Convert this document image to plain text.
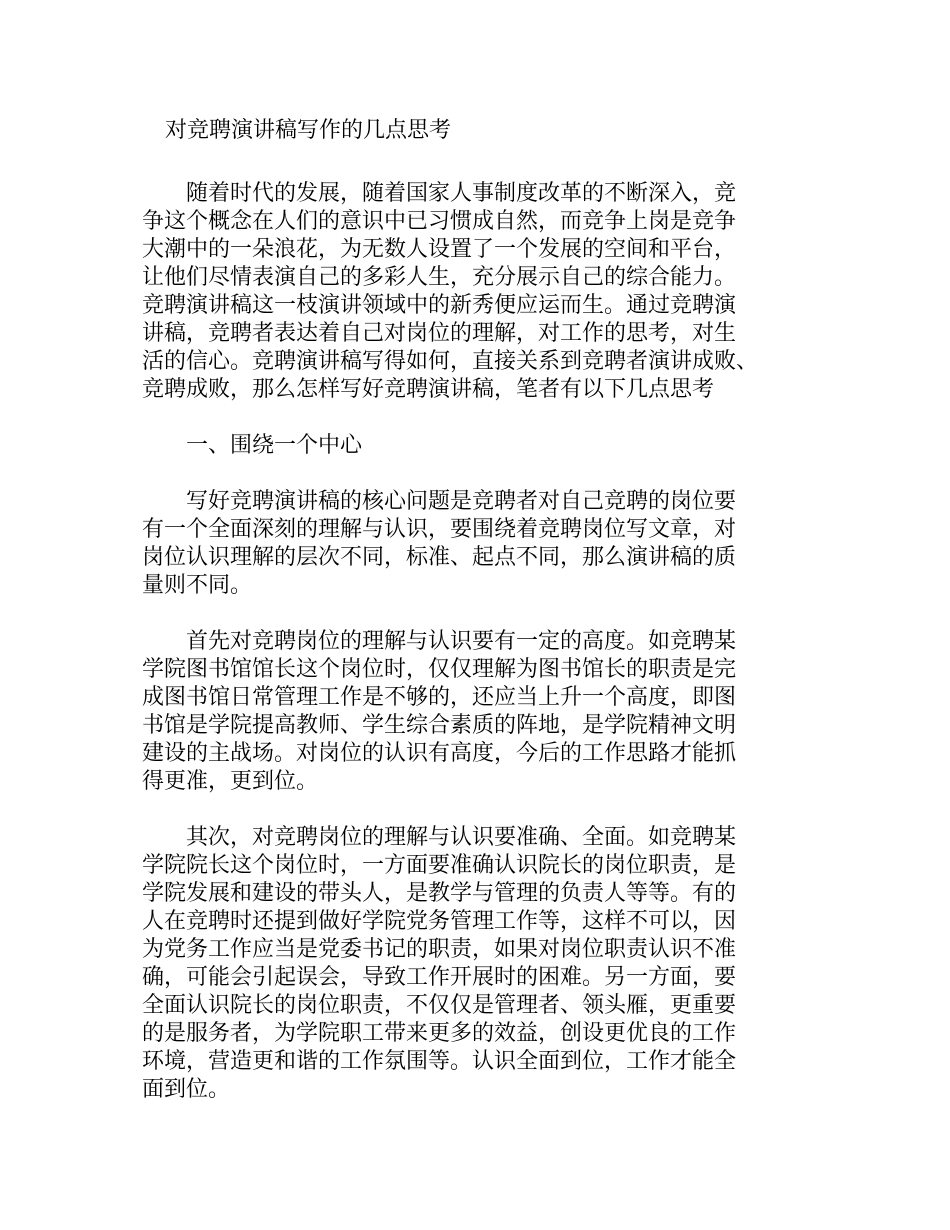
对竞聘演讲稿写作的几点思考

　　随着时代的发展，随着国家人事制度改革的不断深入，竞

争这个概念在人们的意识中已习惯成自然，而竞争上岗是竞争

大潮中的一朵浪花，为无数人设置了一个发展的空间和平台，

让他们尽情表演自己的多彩人生，充分展示自己的综合能力。

竞聘演讲稿这一枝演讲领域中的新秀便应运而生。通过竞聘演

讲稿，竞聘者表达着自己对岗位的理解，对工作的思考，对生

活的信心。竞聘演讲稿写得如何，直接关系到竞聘者演讲成败、

竞聘成败，那么怎样写好竞聘演讲稿，笔者有以下几点思考

　　一、围绕一个中心

　　写好竞聘演讲稿的核心问题是竞聘者对自己竞聘的岗位要

有一个全面深刻的理解与认识，要围绕着竞聘岗位写文章，对

岗位认识理解的层次不同，标准、起点不同，那么演讲稿的质

量则不同。

　　首先对竞聘岗位的理解与认识要有一定的高度。如竞聘某

学院图书馆馆长这个岗位时，仅仅理解为图书馆长的职责是完

成图书馆日常管理工作是不够的，还应当上升一个高度，即图

书馆是学院提高教师、学生综合素质的阵地，是学院精神文明

建设的主战场。对岗位的认识有高度，今后的工作思路才能抓

得更准，更到位。

　　其次，对竞聘岗位的理解与认识要准确、全面。如竞聘某

学院院长这个岗位时，一方面要准确认识院长的岗位职责，是

学院发展和建设的带头人，是教学与管理的负责人等等。有的

人在竞聘时还提到做好学院党务管理工作等，这样不可以，因

为党务工作应当是党委书记的职责，如果对岗位职责认识不准

确，可能会引起误会，导致工作开展时的困难。另一方面，要

全面认识院长的岗位职责，不仅仅是管理者、领头雁，更重要

的是服务者，为学院职工带来更多的效益，创设更优良的工作

环境，营造更和谐的工作氛围等。认识全面到位，工作才能全

面到位。
